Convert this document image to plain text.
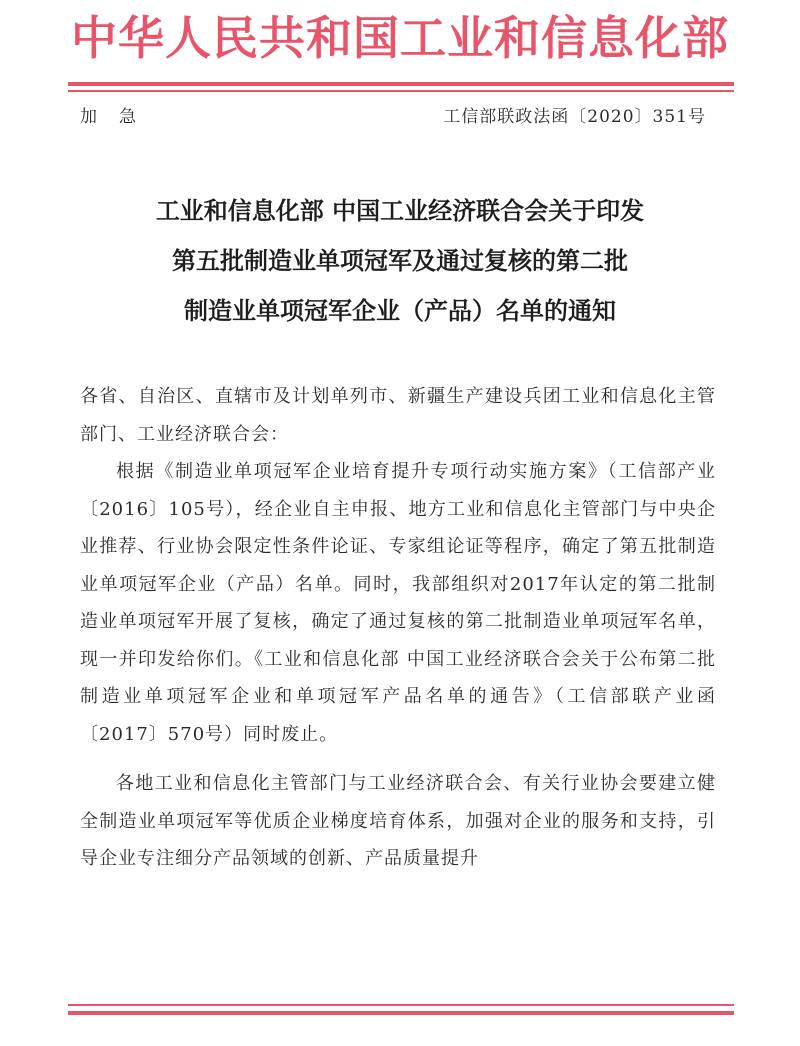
中华人民共和国工业和信息化部
加急	工信部联政法函〔2020〕351号
工业和信息化部 中国工业经济联合会关于印发
第五批制造业单项冠军及通过复核的第二批
制造业单项冠军企业（产品）名单的通知

各省、自治区、直辖市及计划单列市、新疆生产建设兵团工业和信息化主管部门、工业经济联合会：

根据《制造业单项冠军企业培育提升专项行动实施方案》（工信部产业〔2016〕105号），经企业自主申报、地方工业和信息化主管部门与中央企业推荐、行业协会限定性条件论证、专家组论证等程序，确定了第五批制造业单项冠军企业（产品）名单。同时，我部组织对2017年认定的第二批制造业单项冠军开展了复核，确定了通过复核的第二批制造业单项冠军名单，现一并印发给你们。《工业和信息化部 中国工业经济联合会关于公布第二批制造业单项冠军企业和单项冠军产品名单的通告》（工信部联产业函〔2017〕570号）同时废止。

各地工业和信息化主管部门与工业经济联合会、有关行业协会要建立健全制造业单项冠军等优质企业梯度培育体系，加强对企业的服务和支持，引导企业专注细分产品领域的创新、产品质量提升
